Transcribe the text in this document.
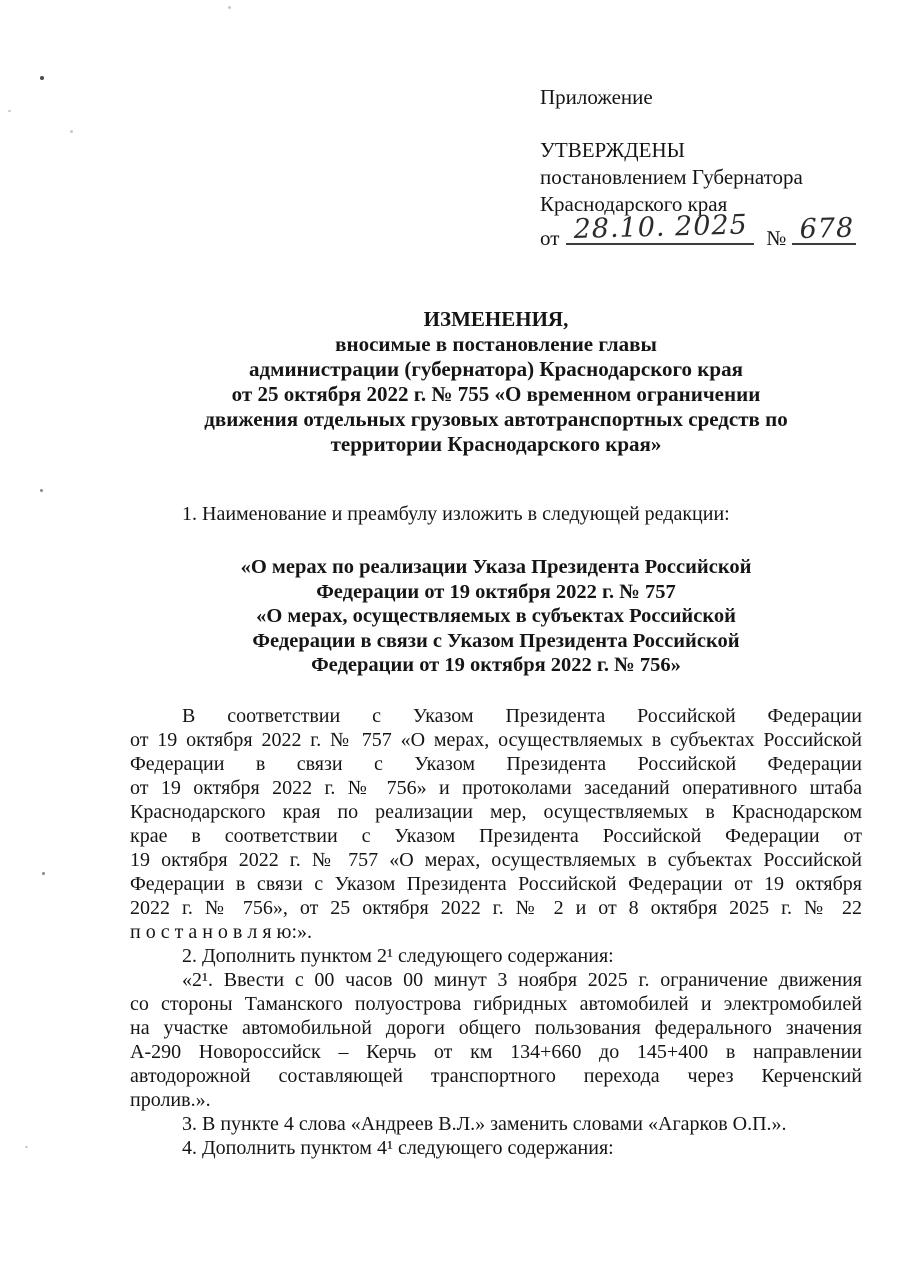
Приложение
УТВЕРЖДЕНЫ
постановлением Губернатора
Краснодарского края
от 28.10. 2025 № 678
ИЗМЕНЕНИЯ,
вносимые в постановление главы
администрации (губернатора) Краснодарского края
от 25 октября 2022 г. № 755 «О временном ограничении
движения отдельных грузовых автотранспортных средств по
территории Краснодарского края»
1. Наименование и преамбулу изложить в следующей редакции:
«О мерах по реализации Указа Президента Российской
Федерации от 19 октября 2022 г. № 757
«О мерах, осуществляемых в субъектах Российской
Федерации в связи с Указом Президента Российской
Федерации от 19 октября 2022 г. № 756»
В соответствии с Указом Президента Российской Федерации
от 19 октября 2022 г. № 757 «О мерах, осуществляемых в субъектах Российской
Федерации в связи с Указом Президента Российской Федерации
от 19 октября 2022 г. № 756» и протоколами заседаний оперативного штаба
Краснодарского края по реализации мер, осуществляемых в Краснодарском
крае в соответствии с Указом Президента Российской Федерации от
19 октября 2022 г. № 757 «О мерах, осуществляемых в субъектах Российской
Федерации в связи с Указом Президента Российской Федерации от 19 октября
2022 г. № 756», от 25 октября 2022 г. № 2 и от 8 октября 2025 г. № 22
п о с т а н о в л я ю:».
2. Дополнить пунктом 2¹ следующего содержания:
«2¹. Ввести с 00 часов 00 минут 3 ноября 2025 г. ограничение движения
со стороны Таманского полуострова гибридных автомобилей и электромобилей
на участке автомобильной дороги общего пользования федерального значения
А-290 Новороссийск – Керчь от км 134+660 до 145+400 в направлении
автодорожной составляющей транспортного перехода через Керченский
пролив.».
3. В пункте 4 слова «Андреев В.Л.» заменить словами «Агарков О.П.».
4. Дополнить пунктом 4¹ следующего содержания:
